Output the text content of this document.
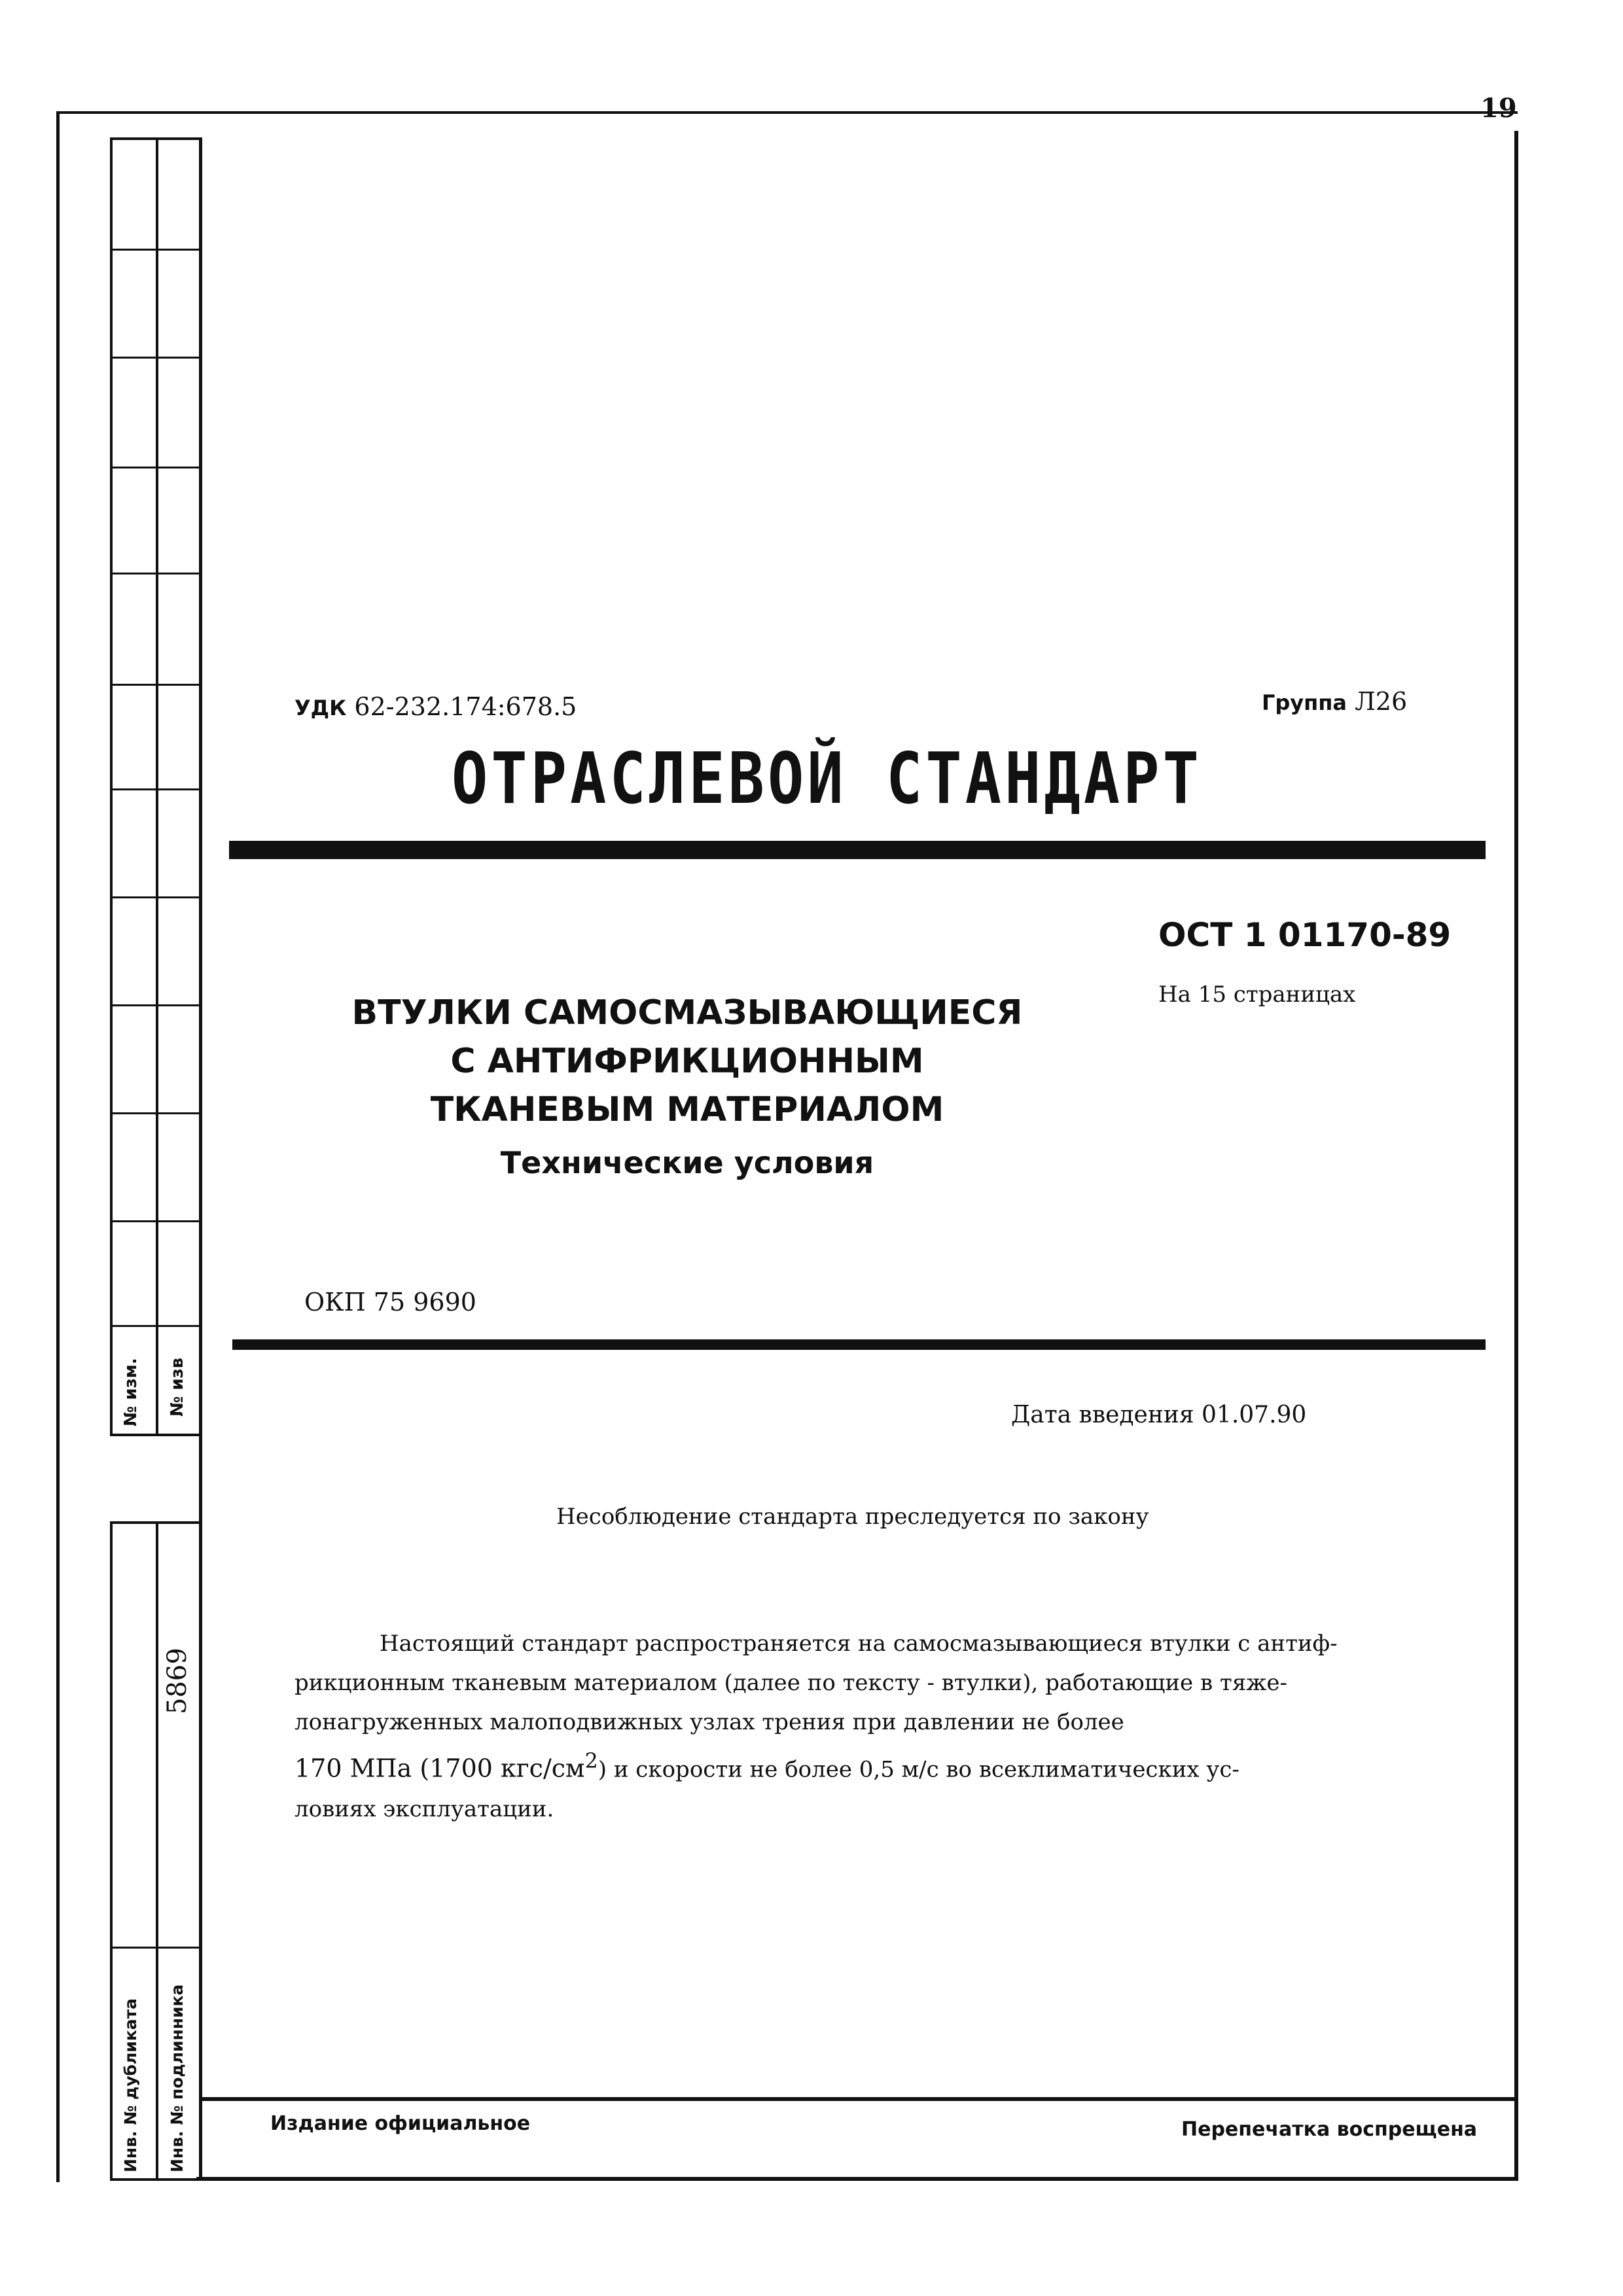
19
№ изм. № изв
5869
Инв. № дубликата Инв. № подлинника
УДК 62-232.174:678.5	Группа Л26
ОТРАСЛЕВОЙ СТАНДАРТ
ОСТ 1 01170-89
На 15 страницах
ВТУЛКИ САМОСМАЗЫВАЮЩИЕСЯ
С АНТИФРИКЦИОННЫМ
ТКАНЕВЫМ МАТЕРИАЛОМ
Технические условия
ОКП 75 9690
Дата введения 01.07.90
Несоблюдение стандарта преследуется по закону

Настоящий стандарт распространяется на самосмазывающиеся втулки с антиф-

рикционным тканевым материалом (далее по тексту - втулки), работающие в тяже-

лонагруженных малоподвижных узлах трения при давлении не более

170 МПа (1700 кгс/$см^2$) и скорости не более 0,5 м/с во всеклиматических ус-

ловиях эксплуатации.

Издание официальное	Перепечатка воспрещена
